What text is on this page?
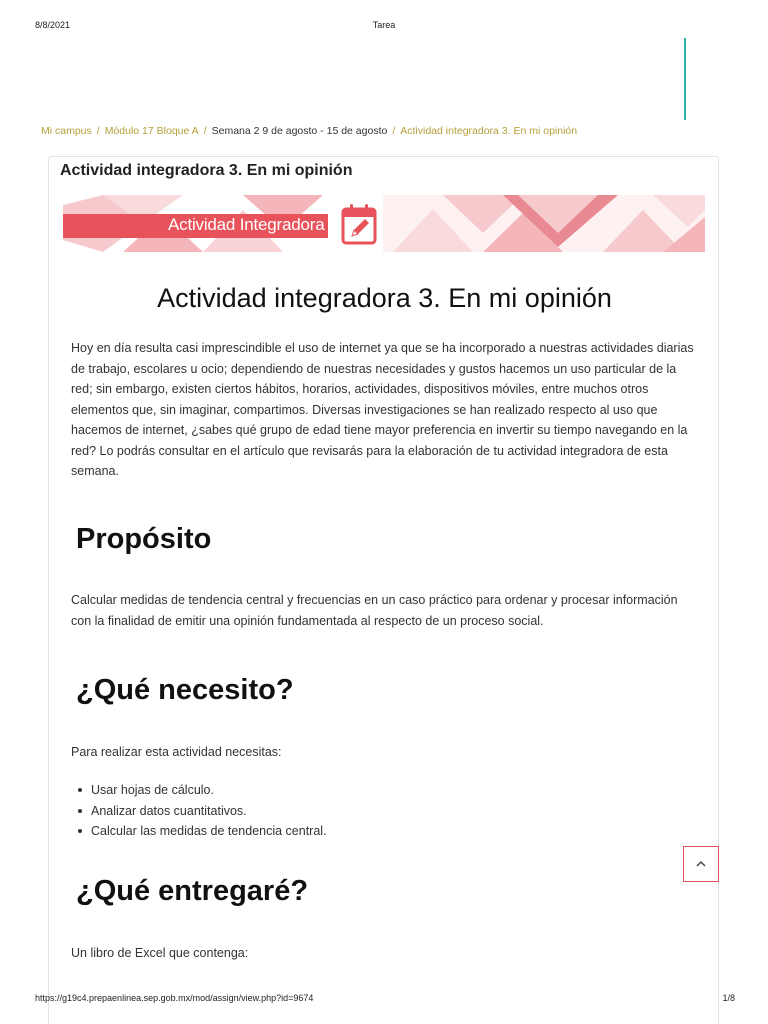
8/8/2021	Tarea
Mi campus / Módulo 17 Bloque A / Semana 2 9 de agosto - 15 de agosto / Actividad integradora 3. En mi opinión
Actividad integradora 3. En mi opinión
Actividad Integradora
Actividad integradora 3. En mi opinión

Hoy en día resulta casi imprescindible el uso de internet ya que se ha incorporado a nuestras actividades diarias de trabajo, escolares u ocio; dependiendo de nuestras necesidades y gustos hacemos un uso particular de la red; sin embargo, existen ciertos hábitos, horarios, actividades, dispositivos móviles, entre muchos otros elementos que, sin imaginar, compartimos. Diversas investigaciones se han realizado respecto al uso que hacemos de internet, ¿sabes qué grupo de edad tiene mayor preferencia en invertir su tiempo navegando en la red? Lo podrás consultar en el artículo que revisarás para la elaboración de tu actividad integradora de esta semana.

Propósito

Calcular medidas de tendencia central y frecuencias en un caso práctico para ordenar y procesar información con la finalidad de emitir una opinión fundamentada al respecto de un proceso social.

¿Qué necesito?

Para realizar esta actividad necesitas:

Usar hojas de cálculo.
Analizar datos cuantitativos.
Calcular las medidas de tendencia central.
¿Qué entregaré?

Un libro de Excel que contenga:

https://g19c4.prepaenlinea.sep.gob.mx/mod/assign/view.php?id=9674	1/8
